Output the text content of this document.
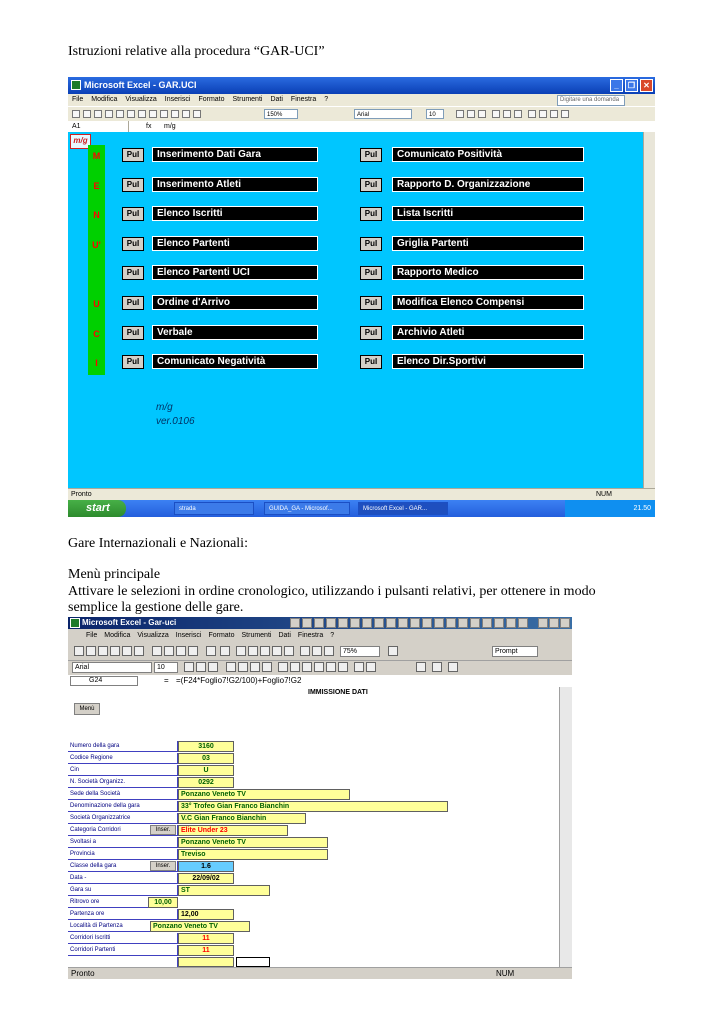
Istruzioni relative alla procedura “GAR-UCI”
Gare Internazionali e Nazionali:
Menù principale
Attivare le selezioni in ordine cronologico, utilizzando i pulsanti relativi, per ottenere in modo
semplice la gestione delle gare.
Microsoft Excel - GAR.UCI	_	❐	✕
File Modifica Visualizza Inserisci Formato Strumenti Dati Finestra ?	Digitare una domanda
150%	Arial	10
A1	fx m/g
m/g
M
E
N
U'
U
C
I
PuI	Inserimento Dati Gara
PuI	Inserimento Atleti
PuI	Elenco Iscritti
PuI	Elenco Partenti
PuI	Elenco Partenti UCI
PuI	Ordine d'Arrivo
PuI	Verbale
PuI	Comunicato Negatività
PuI	Comunicato Positività
PuI	Rapporto D. Organizzazione
PuI	Lista Iscritti
PuI	Griglia Partenti
PuI	Rapporto Medico
PuI	Modifica Elenco Compensi
PuI	Archivio Atleti
PuI	Elenco Dir.Sportivi
m/g
ver.0106
Pronto	NUM
start	strada	GUIDA_GA - Microsof...	Microsoft Excel - GAR...	21.50
Microsoft Excel - Gar-uci
File Modifica Visualizza Inserisci Formato Strumenti Dati Finestra ?
75%	Prompt
Arial	10
G24	= =(F24*Foglio7!G2/100)+Foglio7!G2
IMMISSIONE DATI
Menù
Numero della gara	3160
Codice Regione	03
Cin	U
N. Società Organizz.	0292
Sede della Società	Ponzano Veneto TV
Denominazione della gara	33° Trofeo Gian Franco Bianchin
Società Organizzatrice	V.C Gian Franco Bianchin
Categoria Corridori	Inser.	Elite Under 23
Svoltasi a	Ponzano Veneto TV
Provincia	Treviso
Classe della gara	Inser.	1.6
Data -	22/09/02
Gara su	ST
Ritrovo ore	10,00
Partenza ore	12,00
Località di Partenza	Ponzano Veneto TV
Corridori Iscritti	11
Corridori Partenti	11
Pronto	NUM
